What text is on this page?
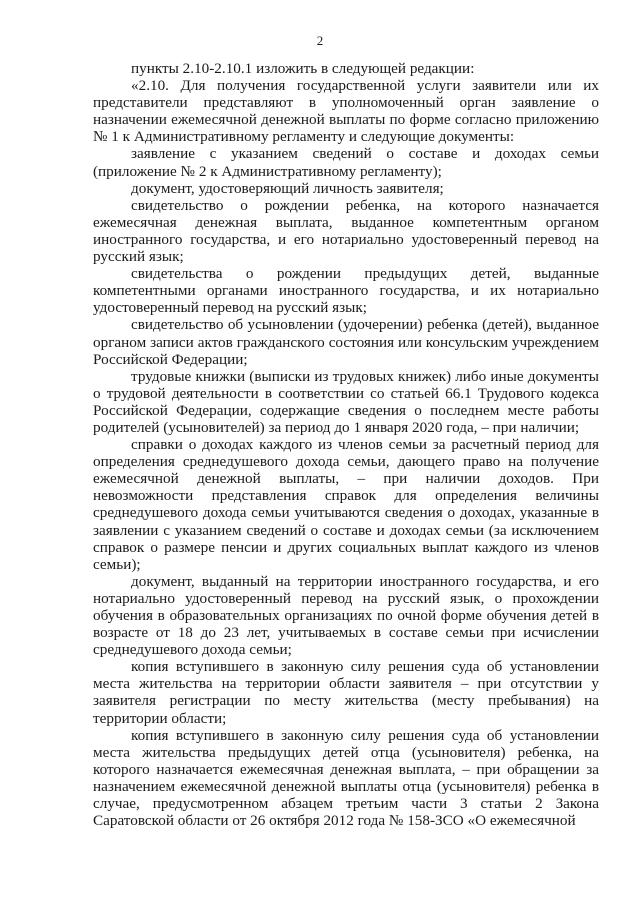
2

пункты 2.10-2.10.1 изложить в следующей редакции:

«2.10. Для получения государственной услуги заявители или их представители представляют в уполномоченный орган заявление о назначении ежемесячной денежной выплаты по форме согласно приложению № 1 к Административному регламенту и следующие документы:

заявление с указанием сведений о составе и доходах семьи (приложение № 2 к Административному регламенту);

документ, удостоверяющий личность заявителя;

свидетельство о рождении ребенка, на которого назначается ежемесячная денежная выплата, выданное компетентным органом иностранного государства, и его нотариально удостоверенный перевод на русский язык;

свидетельства о рождении предыдущих детей, выданные компетентными органами иностранного государства, и их нотариально удостоверенный перевод на русский язык;

свидетельство об усыновлении (удочерении) ребенка (детей), выданное органом записи актов гражданского состояния или консульским учреждением Российской Федерации;

трудовые книжки (выписки из трудовых книжек) либо иные документы о трудовой деятельности в соответствии со статьей 66.1 Трудового кодекса Российской Федерации, содержащие сведения о последнем месте работы родителей (усыновителей) за период до 1 января 2020 года, – при наличии;

справки о доходах каждого из членов семьи за расчетный период для определения среднедушевого дохода семьи, дающего право на получение ежемесячной денежной выплаты, – при наличии доходов. При невозможности представления справок для определения величины среднедушевого дохода семьи учитываются сведения о доходах, указанные в заявлении с указанием сведений о составе и доходах семьи (за исключением справок о размере пенсии и других социальных выплат каждого из членов семьи);

документ, выданный на территории иностранного государства, и его нотариально удостоверенный перевод на русский язык, о прохождении обучения в образовательных организациях по очной форме обучения детей в возрасте от 18 до 23 лет, учитываемых в составе семьи при исчислении среднедушевого дохода семьи;

копия вступившего в законную силу решения суда об установлении места жительства на территории области заявителя – при отсутствии у заявителя регистрации по месту жительства (месту пребывания) на территории области;

копия вступившего в законную силу решения суда об установлении места жительства предыдущих детей отца (усыновителя) ребенка, на которого назначается ежемесячная денежная выплата, – при обращении за назначением ежемесячной денежной выплаты отца (усыновителя) ребенка в случае, предусмотренном абзацем третьим части 3 статьи 2 Закона Саратовской области от 26 октября 2012 года № 158-ЗСО «О ежемесячной
